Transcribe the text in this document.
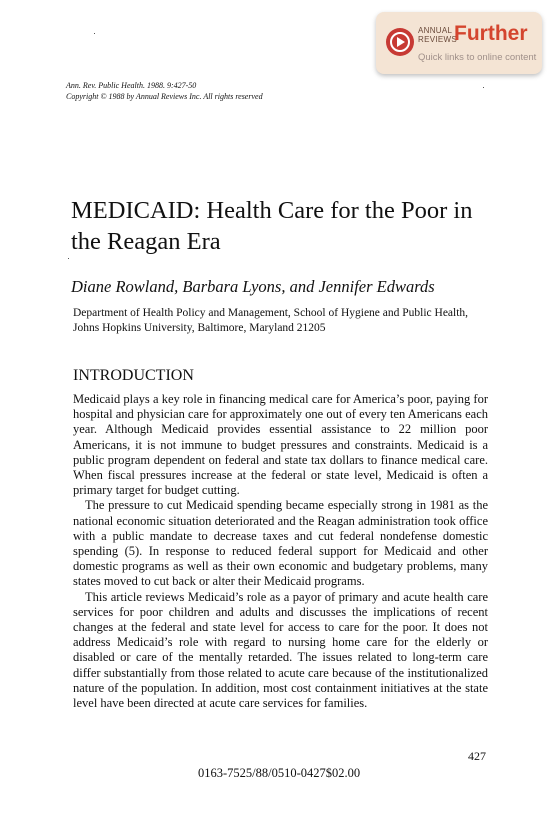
ANNUAL
REVIEWS
Further
Quick links to online content
Ann. Rev. Public Health. 1988. 9:427-50
Copyright © 1988 by Annual Reviews Inc. All rights reserved
MEDICAID: Health Care for the Poor in the Reagan Era
Diane Rowland, Barbara Lyons, and Jennifer Edwards
Department of Health Policy and Management, School of Hygiene and Public Health,
Johns Hopkins University, Baltimore, Maryland 21205
INTRODUCTION

Medicaid plays a key role in financing medical care for America’s poor, paying for hospital and physician care for approximately one out of every ten Americans each year. Although Medicaid provides essential assistance to 22 million poor Americans, it is not immune to budget pressures and constraints. Medicaid is a public program dependent on federal and state tax dollars to finance medical care. When fiscal pressures increase at the federal or state level, Medicaid is often a primary target for budget cutting.

The pressure to cut Medicaid spending became especially strong in 1981 as the national economic situation deteriorated and the Reagan administration took office with a public mandate to decrease taxes and cut federal nondefense domestic spending (5). In response to reduced federal support for Medicaid and other domestic programs as well as their own economic and budgetary problems, many states moved to cut back or alter their Medicaid programs.

This article reviews Medicaid’s role as a payor of primary and acute health care services for poor children and adults and discusses the implications of recent changes at the federal and state level for access to care for the poor. It does not address Medicaid’s role with regard to nursing home care for the elderly or disabled or care of the mentally retarded. The issues related to long-term care differ substantially from those related to acute care because of the institutionalized nature of the population. In addition, most cost containment initiatives at the state level have been directed at acute care services for families.

427
0163-7525/88/0510-0427$02.00
